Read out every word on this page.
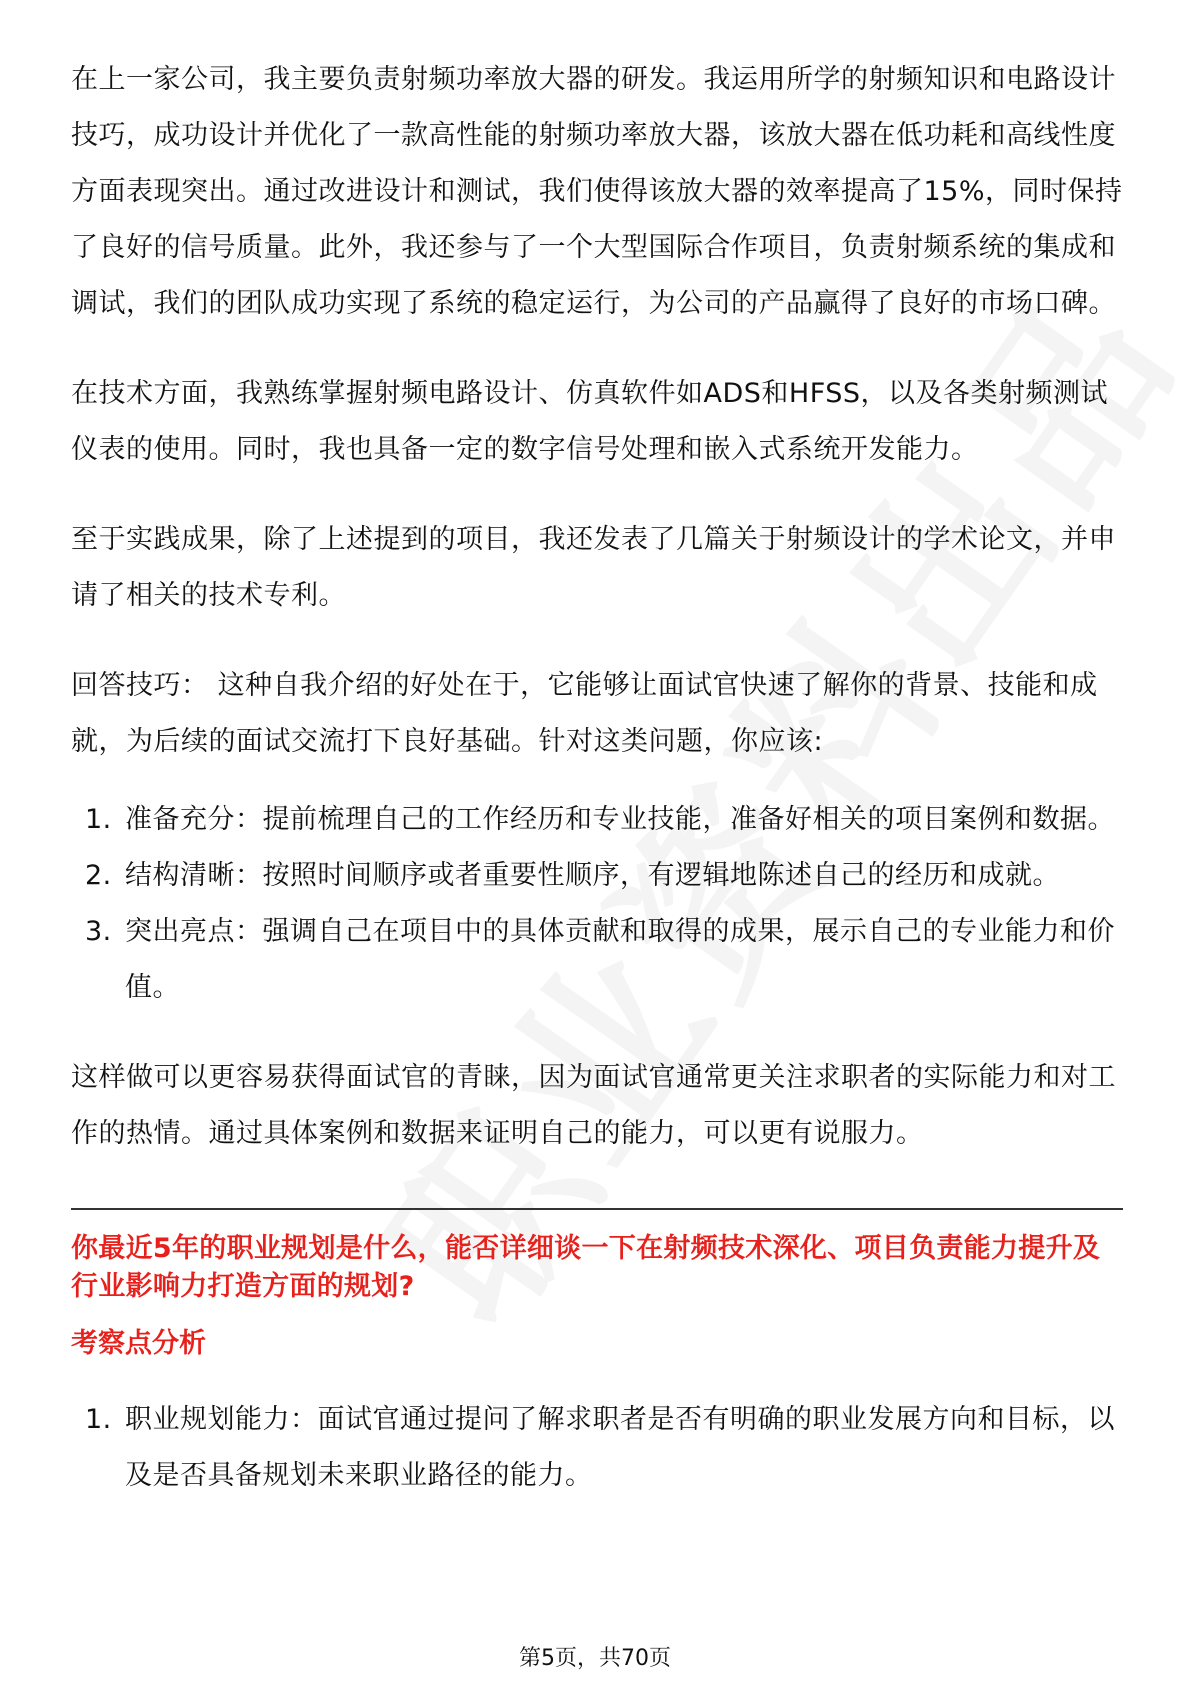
在上一家公司，我主要负责射频功率放大器的研发。我运用所学的射频知识和电路设计技巧，成功设计并优化了一款高性能的射频功率放大器，该放大器在低功耗和高线性度方面表现突出。通过改进设计和测试，我们使得该放大器的效率提高了15%，同时保持了良好的信号质量。此外，我还参与了一个大型国际合作项目，负责射频系统的集成和调试，我们的团队成功实现了系统的稳定运行，为公司的产品赢得了良好的市场口碑。

在技术方面，我熟练掌握射频电路设计、仿真软件如ADS和HFSS，以及各类射频测试仪表的使用。同时，我也具备一定的数字信号处理和嵌入式系统开发能力。

至于实践成果，除了上述提到的项目，我还发表了几篇关于射频设计的学术论文，并申请了相关的技术专利。

回答技巧： 这种自我介绍的好处在于，它能够让面试官快速了解你的背景、技能和成就，为后续的面试交流打下良好基础。针对这类问题，你应该:

1. 准备充分：提前梳理自己的工作经历和专业技能，准备好相关的项目案例和数据。
2. 结构清晰：按照时间顺序或者重要性顺序，有逻辑地陈述自己的经历和成就。
3. 突出亮点：强调自己在项目中的具体贡献和取得的成果，展示自己的专业能力和价值。

这样做可以更容易获得面试官的青睐，因为面试官通常更关注求职者的实际能力和对工作的热情。通过具体案例和数据来证明自己的能力，可以更有说服力。

你最近5年的职业规划是什么，能否详细谈一下在射频技术深化、项目负责能力提升及行业影响力打造方面的规划?

考察点分析

1. 职业规划能力：面试官通过提问了解求职者是否有明确的职业发展方向和目标，以及是否具备规划未来职业路径的能力。
第5页，共70页
